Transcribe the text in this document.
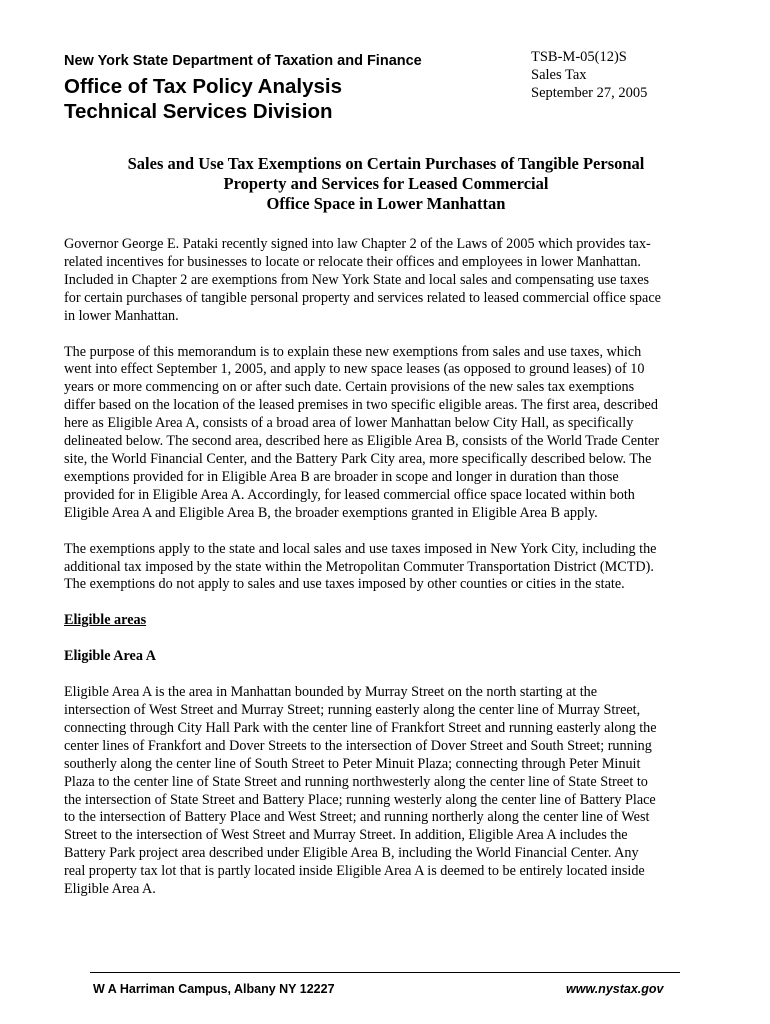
New York State Department of Taxation and Finance
Office of Tax Policy Analysis
Technical Services Division
TSB-M-05(12)S
Sales Tax
September 27, 2005
Sales and Use Tax Exemptions on Certain Purchases of Tangible Personal
Property and Services for Leased Commercial
Office Space in Lower Manhattan

Governor George E. Pataki recently signed into law Chapter 2 of the Laws of 2005 which provides tax-
related incentives for businesses to locate or relocate their offices and employees in lower Manhattan.
Included in Chapter 2 are exemptions from New York State and local sales and compensating use taxes
for certain purchases of tangible personal property and services related to leased commercial office space
in lower Manhattan.

The purpose of this memorandum is to explain these new exemptions from sales and use taxes, which
went into effect September 1, 2005, and apply to new space leases (as opposed to ground leases) of 10
years or more commencing on or after such date. Certain provisions of the new sales tax exemptions
differ based on the location of the leased premises in two specific eligible areas. The first area, described
here as Eligible Area A, consists of a broad area of lower Manhattan below City Hall, as specifically
delineated below. The second area, described here as Eligible Area B, consists of the World Trade Center
site, the World Financial Center, and the Battery Park City area, more specifically described below. The
exemptions provided for in Eligible Area B are broader in scope and longer in duration than those
provided for in Eligible Area A. Accordingly, for leased commercial office space located within both
Eligible Area A and Eligible Area B, the broader exemptions granted in Eligible Area B apply.

The exemptions apply to the state and local sales and use taxes imposed in New York City, including the
additional tax imposed by the state within the Metropolitan Commuter Transportation District (MCTD).
The exemptions do not apply to sales and use taxes imposed by other counties or cities in the state.

Eligible areas
Eligible Area A

Eligible Area A is the area in Manhattan bounded by Murray Street on the north starting at the
intersection of West Street and Murray Street; running easterly along the center line of Murray Street,
connecting through City Hall Park with the center line of Frankfort Street and running easterly along the
center lines of Frankfort and Dover Streets to the intersection of Dover Street and South Street; running
southerly along the center line of South Street to Peter Minuit Plaza; connecting through Peter Minuit
Plaza to the center line of State Street and running northwesterly along the center line of State Street to
the intersection of State Street and Battery Place; running westerly along the center line of Battery Place
to the intersection of Battery Place and West Street; and running northerly along the center line of West
Street to the intersection of West Street and Murray Street. In addition, Eligible Area A includes the
Battery Park project area described under Eligible Area B, including the World Financial Center. Any
real property tax lot that is partly located inside Eligible Area A is deemed to be entirely located inside
Eligible Area A.

W A Harriman Campus, Albany NY 12227	www.nystax.gov
